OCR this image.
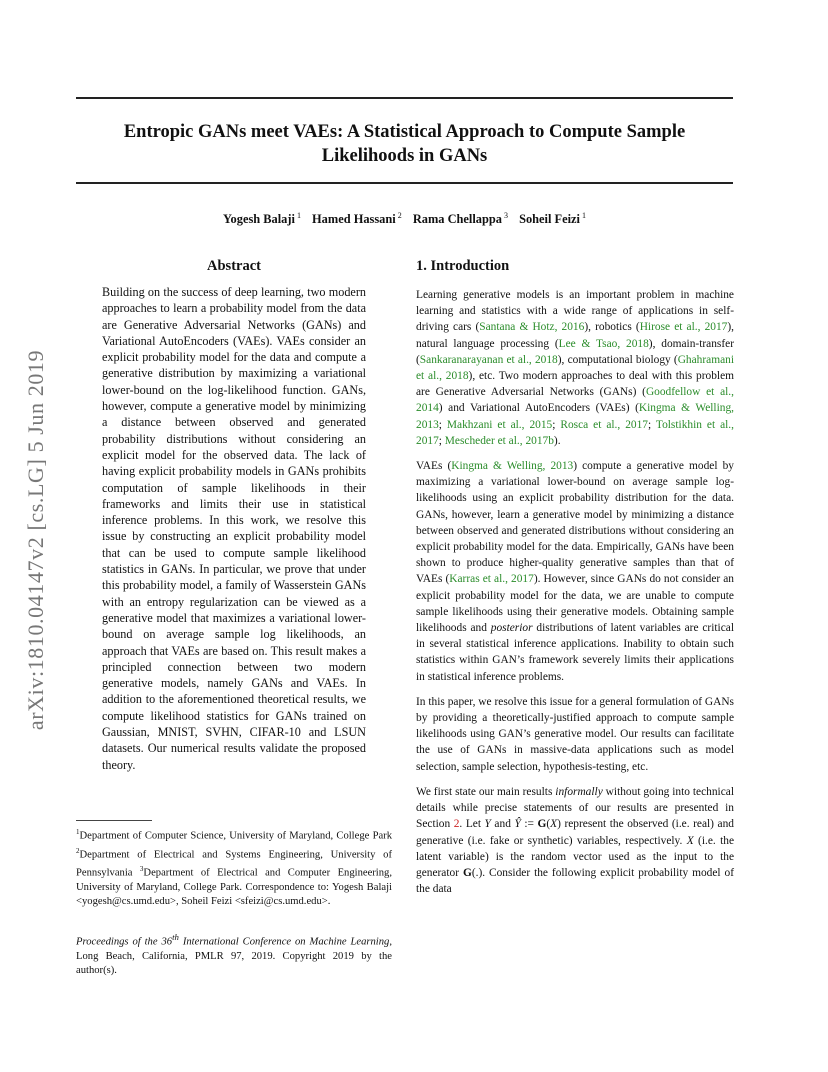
Entropic GANs meet VAEs: A Statistical Approach to Compute Sample Likelihoods in GANs
Yogesh Balaji $^1$ Hamed Hassani $^2$ Rama Chellappa $^3$ Soheil Feizi $^1$
arXiv:1810.04147v2 [cs.LG] 5 Jun 2019
Abstract

Building on the success of deep learning, two modern approaches to learn a probability model from the data are Generative Adversarial Networks (GANs) and Variational AutoEncoders (VAEs). VAEs consider an explicit probability model for the data and compute a generative distribution by maximizing a variational lower-bound on the log-likelihood function. GANs, however, compute a generative model by minimizing a distance between observed and generated probability distributions without considering an explicit model for the observed data. The lack of having explicit probability models in GANs prohibits computation of sample likelihoods in their frameworks and limits their use in statistical inference problems. In this work, we resolve this issue by constructing an explicit probability model that can be used to compute sample likelihood statistics in GANs. In particular, we prove that under this probability model, a family of Wasserstein GANs with an entropy regularization can be viewed as a generative model that maximizes a variational lower-bound on average sample log likelihoods, an approach that VAEs are based on. This result makes a principled connection between two modern generative models, namely GANs and VAEs. In addition to the aforementioned theoretical results, we compute likelihood statistics for GANs trained on Gaussian, MNIST, SVHN, CIFAR-10 and LSUN datasets. Our numerical results validate the proposed theory.

$^1$Department of Computer Science, University of Maryland, College Park $^2$Department of Electrical and Systems Engineering, University of Pennsylvania $^3$Department of Electrical and Computer Engineering, University of Maryland, College Park. Correspondence to: Yogesh Balaji <yogesh@cs.umd.edu>, Soheil Feizi <sfeizi@cs.umd.edu>.
Proceedings of the 36th International Conference on Machine Learning, Long Beach, California, PMLR 97, 2019. Copyright 2019 by the author(s).
1. Introduction

Learning generative models is an important problem in machine learning and statistics with a wide range of applications in self-driving cars (Santana & Hotz, 2016), robotics (Hirose et al., 2017), natural language processing (Lee & Tsao, 2018), domain-transfer (Sankaranarayanan et al., 2018), computational biology (Ghahramani et al., 2018), etc. Two modern approaches to deal with this problem are Generative Adversarial Networks (GANs) (Goodfellow et al., 2014) and Variational AutoEncoders (VAEs) (Kingma & Welling, 2013; Makhzani et al., 2015; Rosca et al., 2017; Tolstikhin et al., 2017; Mescheder et al., 2017b).

VAEs (Kingma & Welling, 2013) compute a generative model by maximizing a variational lower-bound on average sample log-likelihoods using an explicit probability distribution for the data. GANs, however, learn a generative model by minimizing a distance between observed and generated distributions without considering an explicit probability model for the data. Empirically, GANs have been shown to produce higher-quality generative samples than that of VAEs (Karras et al., 2017). However, since GANs do not consider an explicit probability model for the data, we are unable to compute sample likelihoods using their generative models. Obtaining sample likelihoods and posterior distributions of latent variables are critical in several statistical inference applications. Inability to obtain such statistics within GAN’s framework severely limits their applications in statistical inference problems.

In this paper, we resolve this issue for a general formulation of GANs by providing a theoretically-justified approach to compute sample likelihoods using GAN’s generative model. Our results can facilitate the use of GANs in massive-data applications such as model selection, sample selection, hypothesis-testing, etc.

We first state our main results informally without going into technical details while precise statements of our results are presented in Section 2. Let Y and Ŷ := G(X) represent the observed (i.e. real) and generative (i.e. fake or synthetic) variables, respectively. X (i.e. the latent variable) is the random vector used as the input to the generator G(.). Consider the following explicit probability model of the data
